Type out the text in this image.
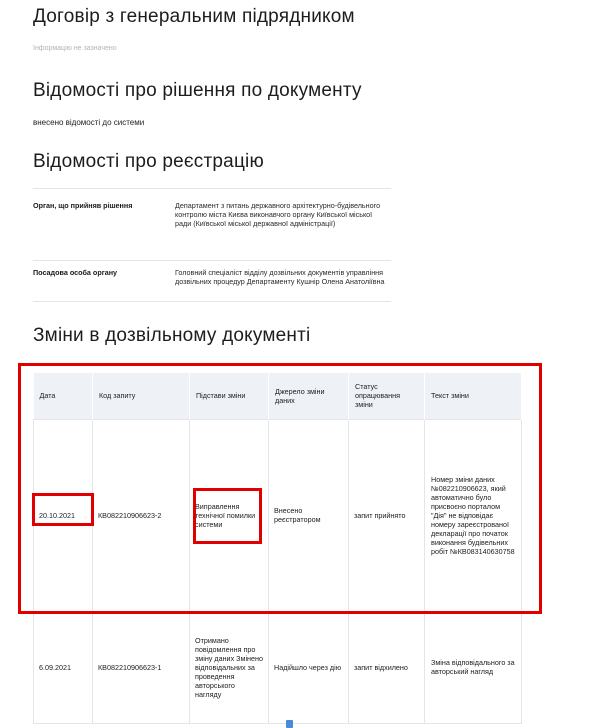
Договір з генеральним підрядником
Інформацію не зазначено
Відомості про рішення по документу
внесено відомості до системи
Відомості про реєстрацію
Орган, що прийняв рішення	Департамент з питань державного архітектурно-будівельного контролю міста Києва виконавчого органу Київської міської ради (Київської міської державної адміністрації)
Посадова особа органу	Головний спеціаліст відділу дозвільних документів управління дозвільних процедур Департаменту Кушнір Олена Анатоліївна
Зміни в дозвільному документі
Дата	Код запиту	Підстави зміни	Джерело зміни даних	Статус опрацювання зміни	Текст зміни
20.10.2021	КВ082210906623-2	Виправлення технічної помилки системи	Внесено реєстратором	запит прийнято	Номер зміни даних №082210906623, який автоматично було присвоєно порталом "Дія" не відповідає номеру зареєстрованої декларації про початок виконання будівельних робіт №КВ083140630758
6.09.2021	КВ082210906623-1	Отримано повідомлення про зміну даних Змінено відповідальних за проведення авторського нагляду	Надійшло через дію	запит відхилено	Зміна відповідального за авторський нагляд
